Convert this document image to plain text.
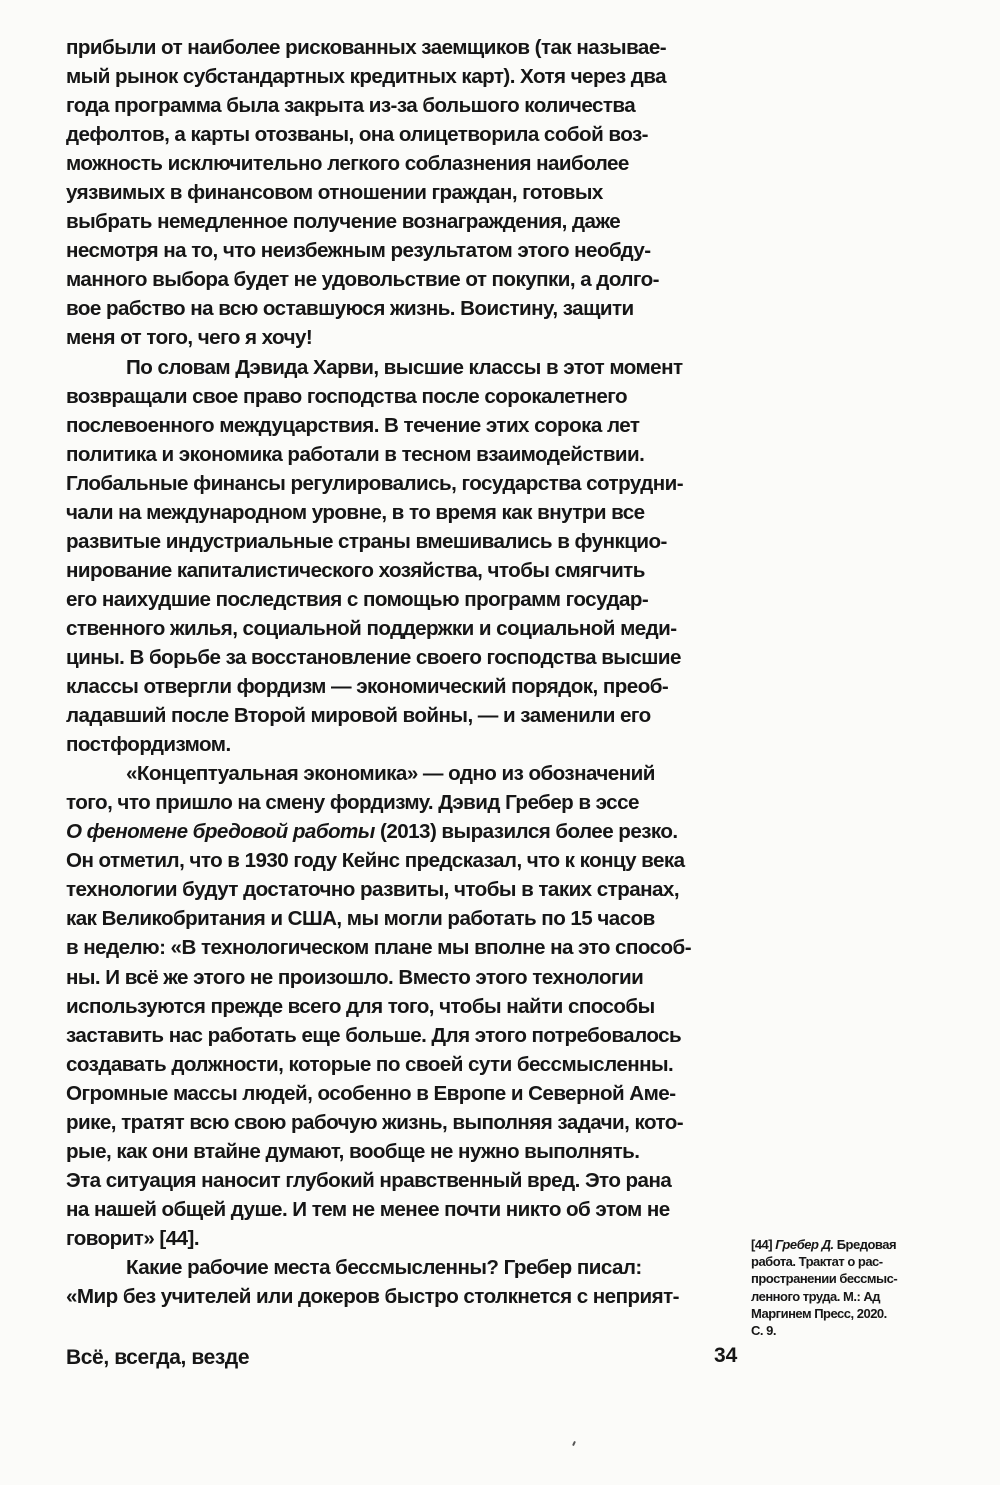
прибыли от наиболее рискованных заемщиков (так называе-
мый рынок субстандартных кредитных карт). Хотя через два
года программа была закрыта из-за большого количества
дефолтов, а карты отозваны, она олицетворила собой воз-
можность исключительно легкого соблазнения наиболее
уязвимых в финансовом отношении граждан, готовых
выбрать немедленное получение вознаграждения, даже
несмотря на то, что неизбежным результатом этого необду-
манного выбора будет не удовольствие от покупки, а долго-
вое рабство на всю оставшуюся жизнь. Воистину, защити
меня от того, чего я хочу!
По словам Дэвида Харви, высшие классы в этот момент
возвращали свое право господства после сорокалетнего
послевоенного междуцарствия. В течение этих сорока лет
политика и экономика работали в тесном взаимодействии.
Глобальные финансы регулировались, государства сотрудни-
чали на международном уровне, в то время как внутри все
развитые индустриальные страны вмешивались в функцио-
нирование капиталистического хозяйства, чтобы смягчить
его наихудшие последствия с помощью программ государ-
ственного жилья, социальной поддержки и социальной меди-
цины. В борьбе за восстановление своего господства высшие
классы отвергли фордизм — экономический порядок, преоб-
ладавший после Второй мировой войны, — и заменили его
постфордизмом.
«Концептуальная экономика» — одно из обозначений
того, что пришло на смену фордизму. Дэвид Гребер в эссе
О феномене бредовой работы (2013) выразился более резко.
Он отметил, что в 1930 году Кейнс предсказал, что к концу века
технологии будут достаточно развиты, чтобы в таких странах,
как Великобритания и США, мы могли работать по 15 часов
в неделю: «В технологическом плане мы вполне на это способ-
ны. И всё же этого не произошло. Вместо этого технологии
используются прежде всего для того, чтобы найти способы
заставить нас работать еще больше. Для этого потребовалось
создавать должности, которые по своей сути бессмысленны.
Огромные массы людей, особенно в Европе и Северной Аме-
рике, тратят всю свою рабочую жизнь, выполняя задачи, кото-
рые, как они втайне думают, вообще не нужно выполнять.
Эта ситуация наносит глубокий нравственный вред. Это рана
на нашей общей душе. И тем не менее почти никто об этом не
говорит» [44].
Какие рабочие места бессмысленны? Гребер писал:
«Мир без учителей или докеров быстро столкнется с неприят-
[44] Гребер Д. Бредовая
работа. Трактат о рас-
пространении бессмыс-
ленного труда. М.: Ад
Маргинем Пресс, 2020.
С. 9.
Всё, всегда, везде	34
